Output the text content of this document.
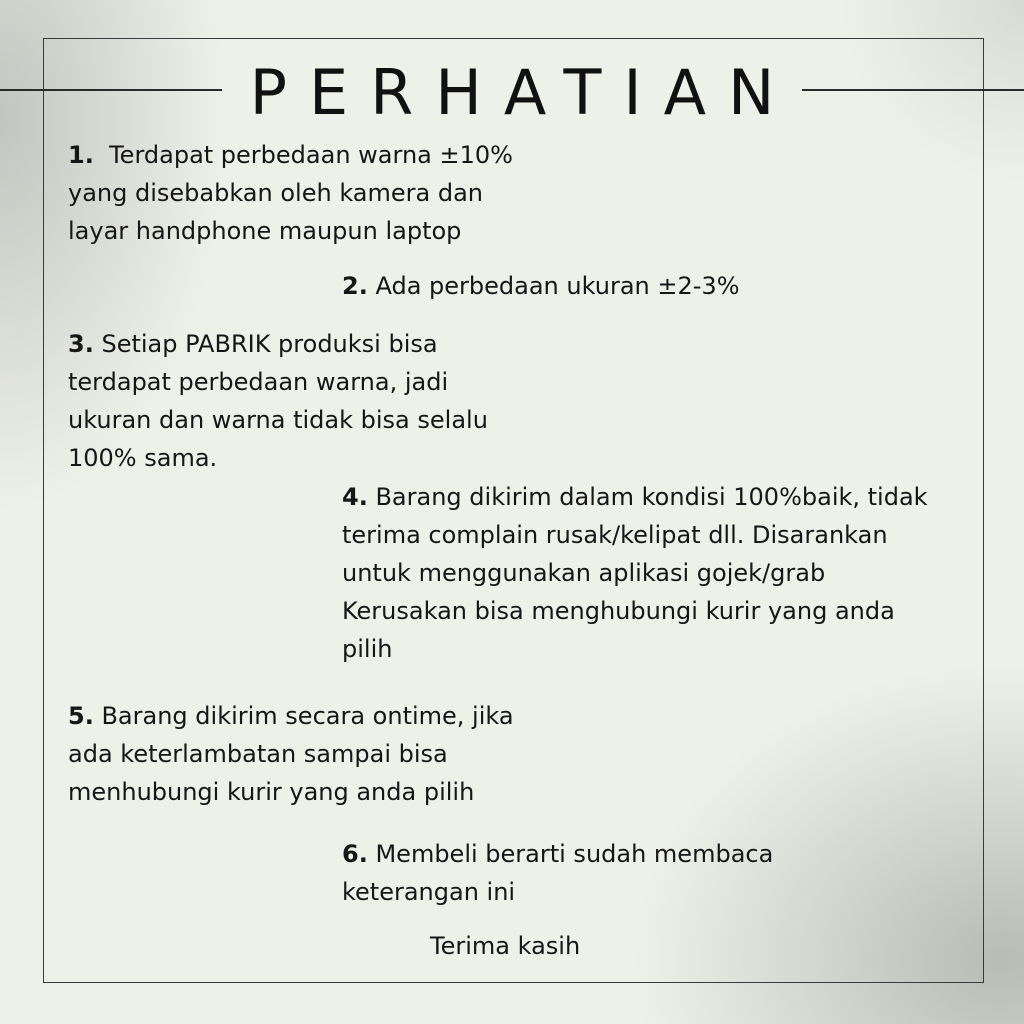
PERHATIAN
1. Terdapat perbedaan warna ±10%
yang disebabkan oleh kamera dan
layar handphone maupun laptop
2. Ada perbedaan ukuran ±2-3%
3. Setiap PABRIK produksi bisa
terdapat perbedaan warna, jadi
ukuran dan warna tidak bisa selalu
100% sama.
4. Barang dikirim dalam kondisi 100%baik, tidak
terima complain rusak/kelipat dll. Disarankan
untuk menggunakan aplikasi gojek/grab
Kerusakan bisa menghubungi kurir yang anda
pilih
5. Barang dikirim secara ontime, jika
ada keterlambatan sampai bisa
menhubungi kurir yang anda pilih
6. Membeli berarti sudah membaca
keterangan ini
Terima kasih
